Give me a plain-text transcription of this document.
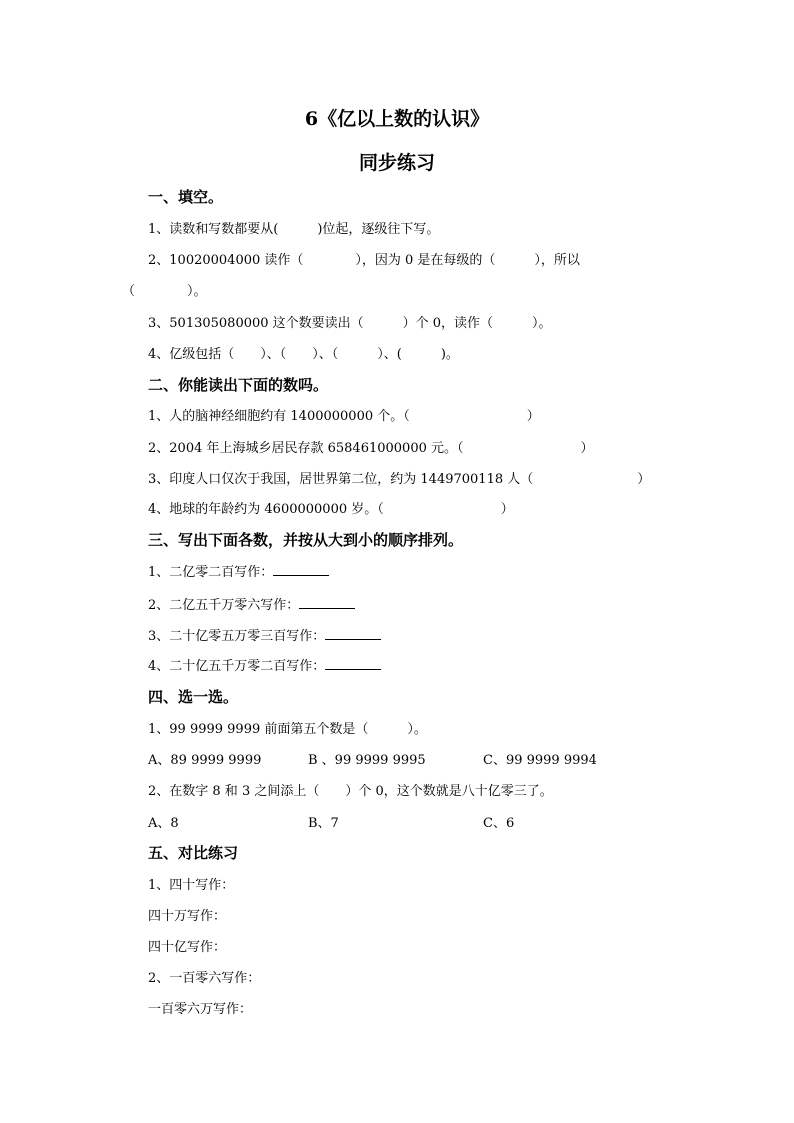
6《亿以上数的认识》
同步练习
一、填空。
1、读数和写数都要从(　　　)位起，逐级往下写。
2、10020004000 读作（　　　　），因为 0 是在每级的（　　　），所以
（　　　　）。
3、501305080000 这个数要读出（　　　）个 0，读作（　　　）。
4、亿级包括（　　）、（　　）、（　　　）、(　　　)。
二、你能读出下面的数吗。
1、人的脑神经细胞约有 1400000000 个。（　　　　　　　　　）
2、2004 年上海城乡居民存款 658461000000 元。（　　　　　　　　　）
3、印度人口仅次于我国，居世界第二位，约为 1449700118 人（　　　　　　　　）
4、地球的年龄约为 4600000000 岁。（　　　　　　　　　）
三、写出下面各数，并按从大到小的顺序排列。
1、二亿零二百写作：
2、二亿五千万零六写作：
3、二十亿零五万零三百写作：
4、二十亿五千万零二百写作：
四、选一选。
1、99 9999 9999 前面第五个数是（　　　）。
A、89 9999 9999	B 、99 9999 9995	C、99 9999 9994
2、在数字 8 和 3 之间添上（　　）个 0，这个数就是八十亿零三了。
A、8	B、7	C、6
五、对比练习
1、四十写作：
四十万写作：
四十亿写作：
2、一百零六写作：
一百零六万写作：
